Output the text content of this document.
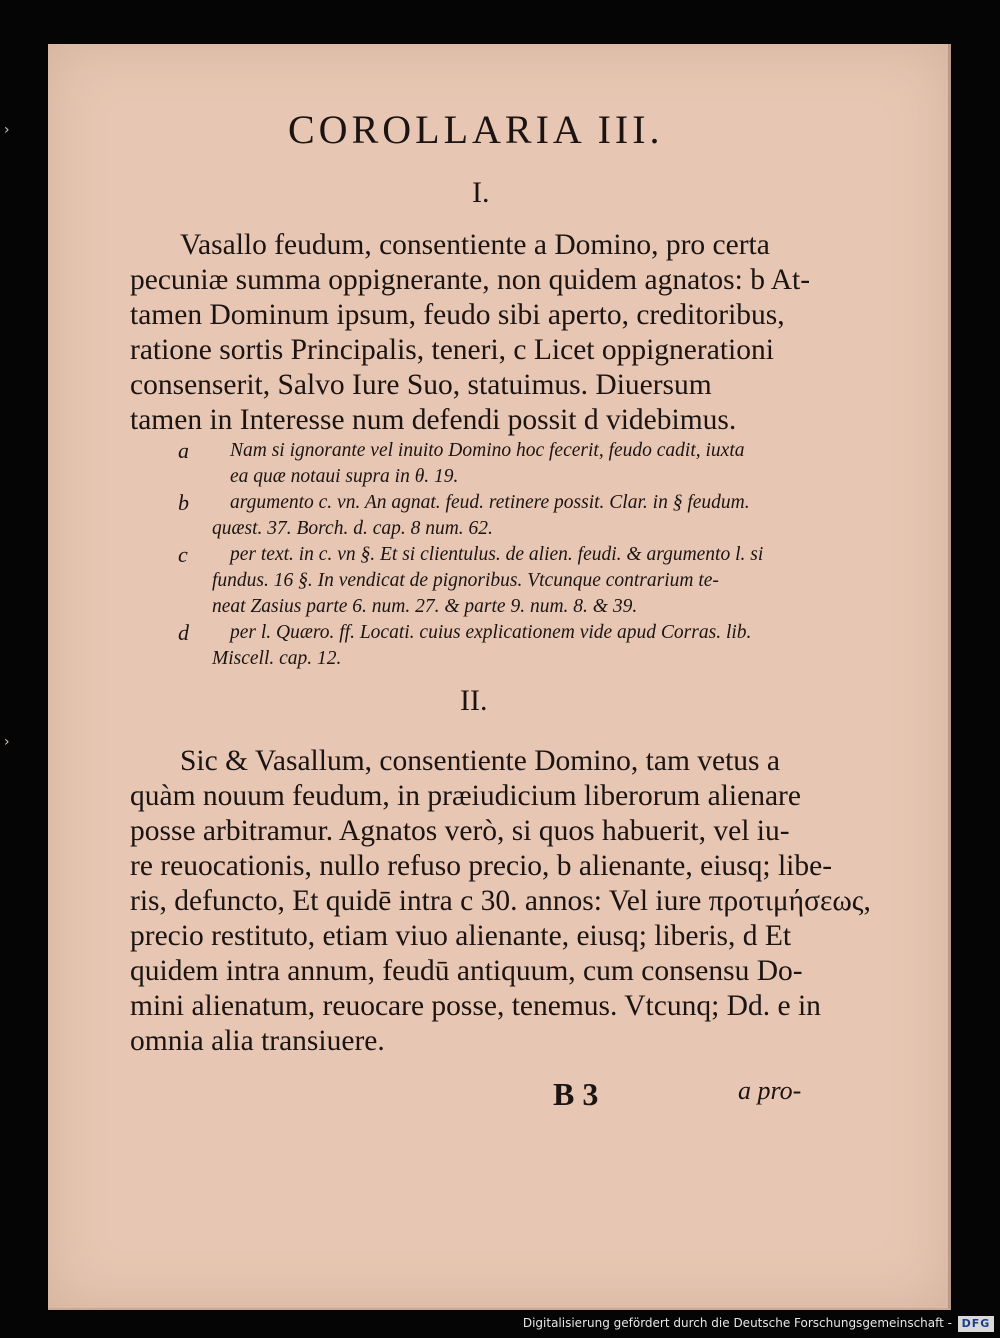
›
›
COROLLARIA III.
I.
Vasallo feudum, consentiente a Domino, pro certa
pecuniæ summa oppignerante, non quidem agnatos: b At-
tamen Dominum ipsum, feudo sibi aperto, creditoribus,
ratione sortis Principalis, teneri, c Licet oppignerationi
consenserit, Salvo Iure Suo, statuimus. Diuersum
tamen in Interesse num defendi possit d videbimus.
a Nam si ignorante vel inuito Domino hoc fecerit, feudo cadit, iuxta
ea quæ notaui supra in θ. 19.
b argumento c. vn. An agnat. feud. retinere possit. Clar. in § feudum.
quæst. 37. Borch. d. cap. 8 num. 62.
c per text. in c. vn §. Et si clientulus. de alien. feudi. & argumento l. si
fundus. 16 §. In vendicat de pignoribus. Vtcunque contrarium te-
neat Zasius parte 6. num. 27. & parte 9. num. 8. & 39.
d per l. Quæro. ff. Locati. cuius explicationem vide apud Corras. lib.
Miscell. cap. 12.
II.
Sic & Vasallum, consentiente Domino, tam vetus a
quàm nouum feudum, in præiudicium liberorum alienare
posse arbitramur. Agnatos verò, si quos habuerit, vel iu-
re reuocationis, nullo refuso precio, b alienante, eiusq; libe-
ris, defuncto, Et quidē intra c 30. annos: Vel iure προτιμήσεως,
precio restituto, etiam viuo alienante, eiusq; liberis, d Et
quidem intra annum, feudū antiquum, cum consensu Do-
mini alienatum, reuocare posse, tenemus. Vtcunq; Dd. e in
omnia alia transiuere.
B 3	a pro-
Digitalisierung gefördert durch die Deutsche Forschungsgemeinschaft - DFG
